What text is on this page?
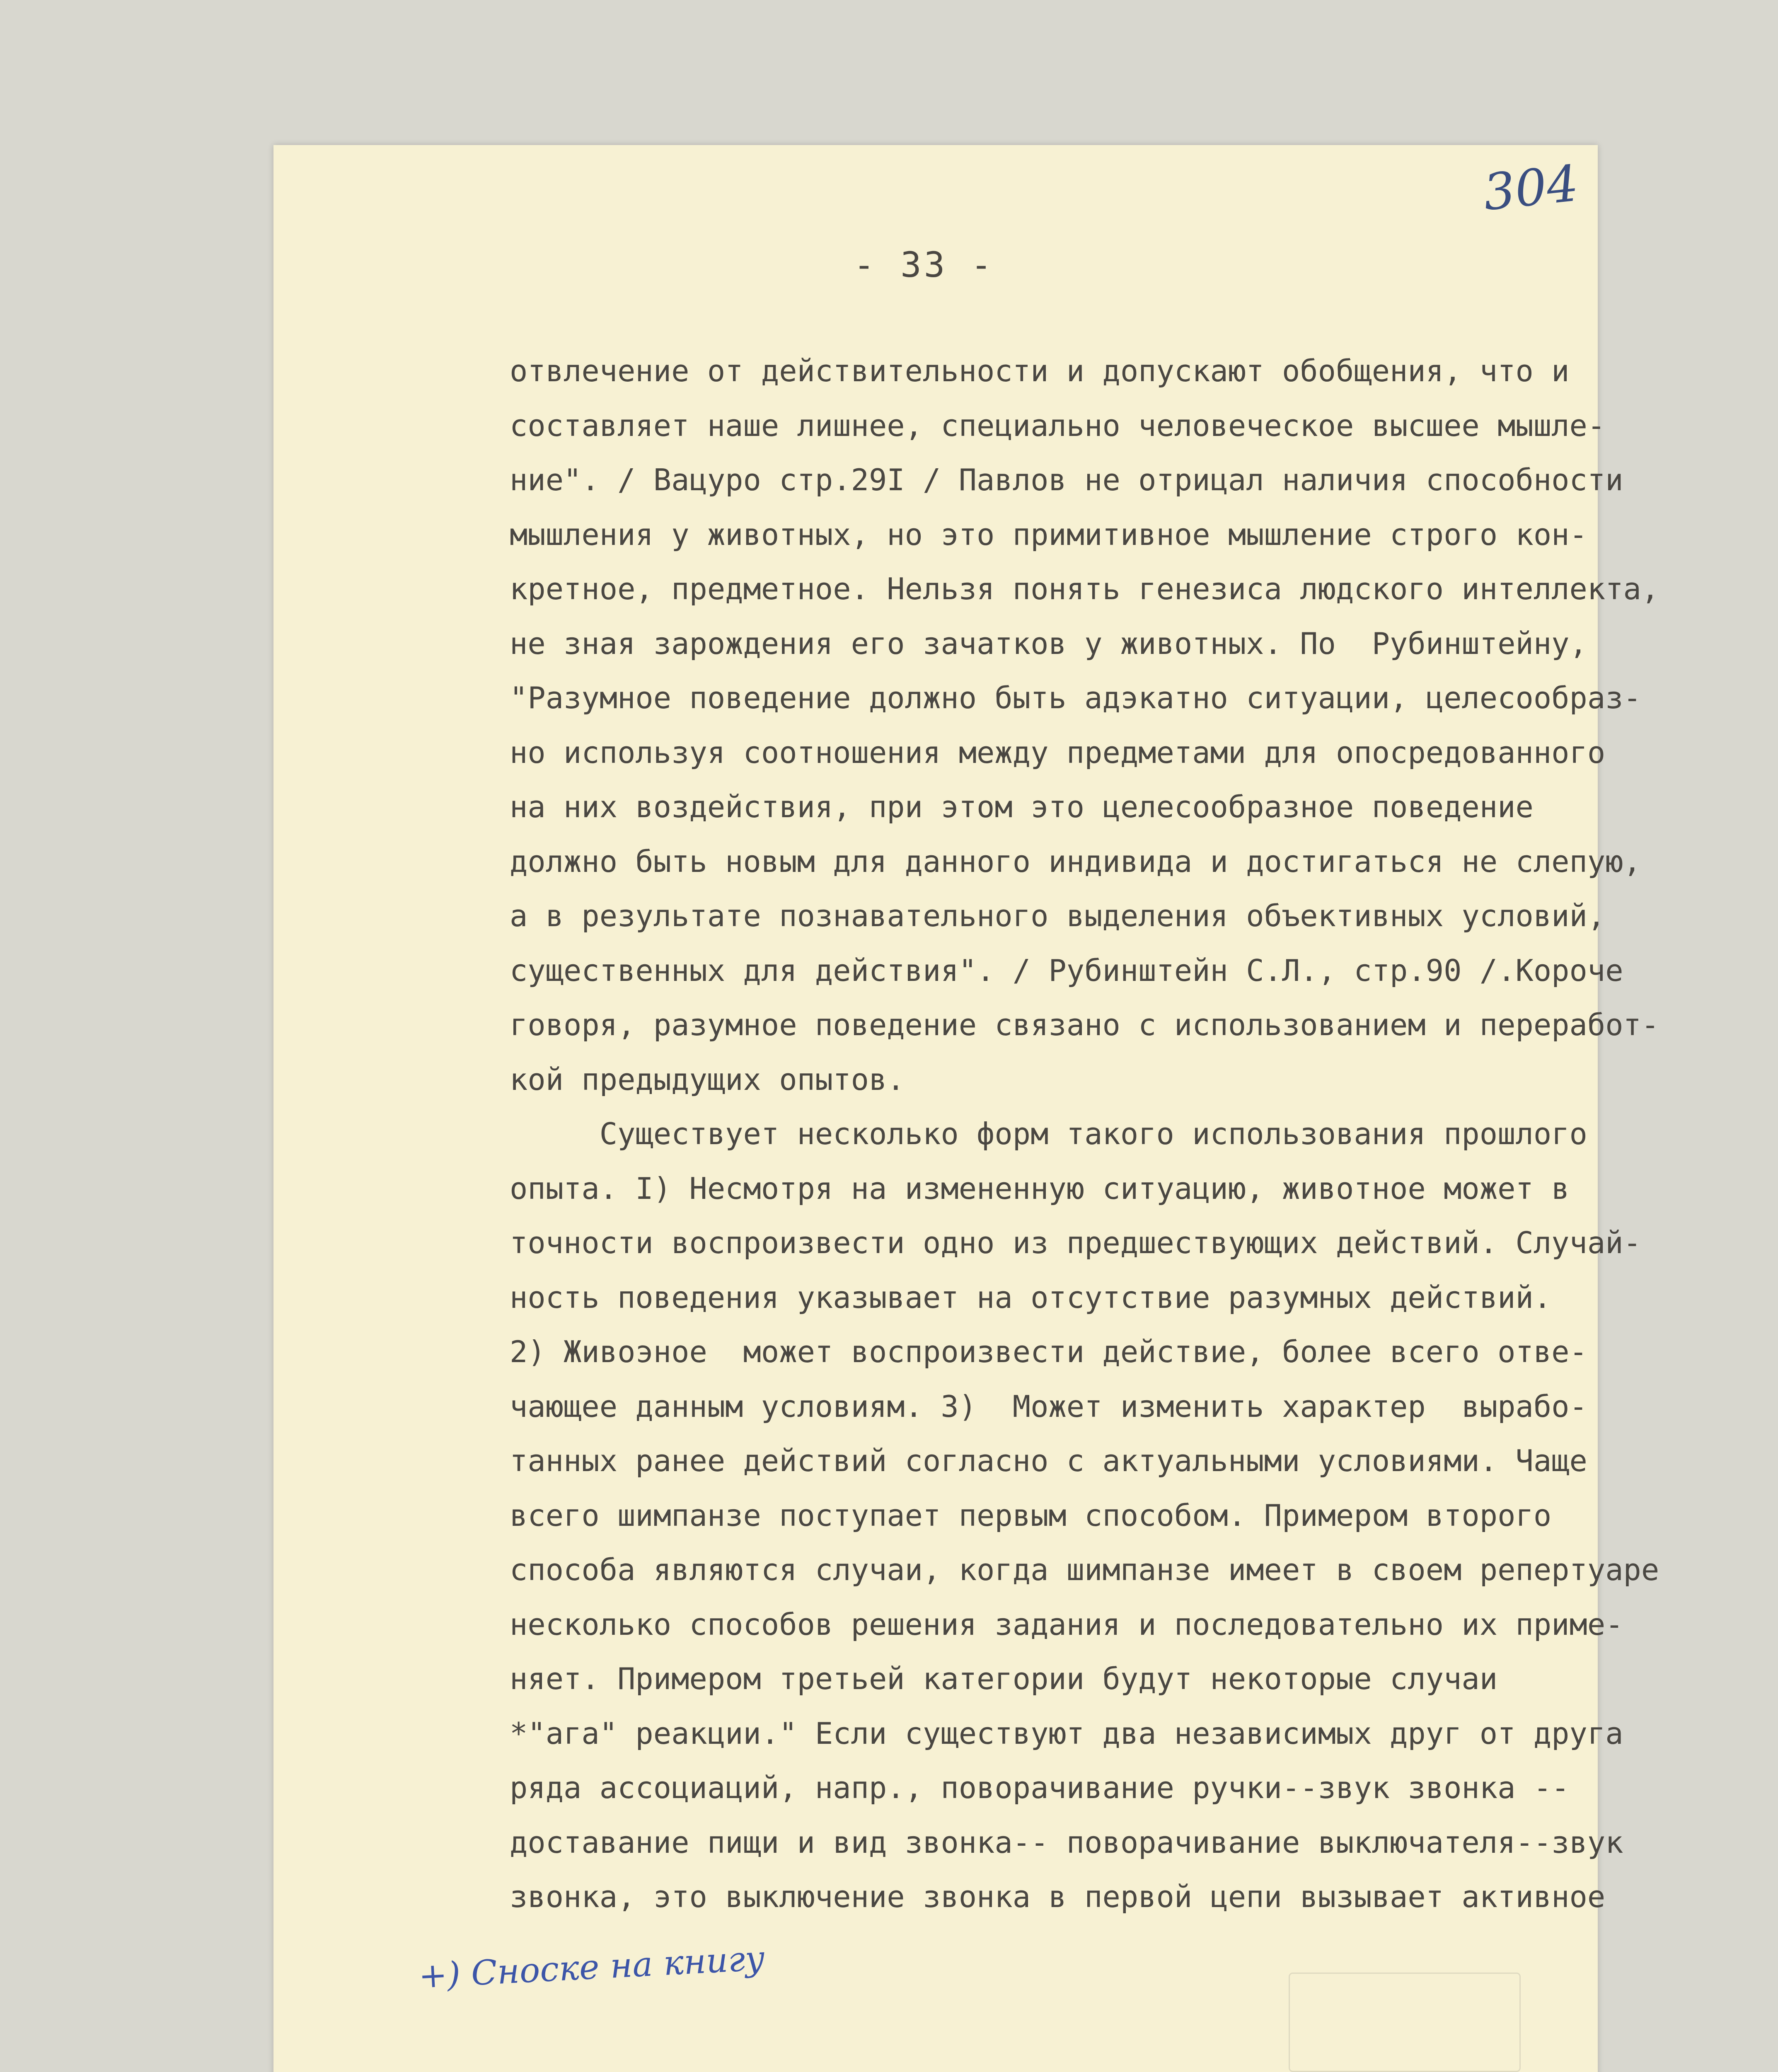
304
- 33 -
отвлечение от действительности и допускают обобщения, что и
составляет наше лишнее, специально человеческое высшее мышле-
ние". / Вацуро стр.29I / Павлов не отрицал наличия способности
мышления у животных, но это примитивное мышление строго кон-
кретное, предметное. Нельзя понять генезиса людского интеллекта,
не зная зарождения его зачатков у животных. По  Рубинштейну,
"Разумное поведение должно быть адэкатно ситуации, целесообраз-
но используя соотношения между предметами для опосредованного
на них воздействия, при этом это целесообразное поведение
должно быть новым для данного индивида и достигаться не слепую,
а в результате познавательного выделения объективных условий,
существенных для действия". / Рубинштейн С.Л., стр.90 /.Короче
говоря, разумное поведение связано с использованием и переработ-
кой предыдущих опытов.
Существует несколько форм такого использования прошлого
опыта. I) Несмотря на измененную ситуацию, животное может в
точности воспроизвести одно из предшествующих действий. Случай-
ность поведения указывает на отсутствие разумных действий.
2) Живоэное  может воспроизвести действие, более всего отве-
чающее данным условиям. 3)  Может изменить характер  вырабо-
танных ранее действий согласно с актуальными условиями. Чаще
всего шимпанзе поступает первым способом. Примером второго
способа являются случаи, когда шимпанзе имеет в своем репертуаре
несколько способов решения задания и последовательно их приме-
няет. Примером третьей категории будут некоторые случаи
*"ага" реакции." Если существуют два независимых друг от друга
ряда ассоциаций, напр., поворачивание ручки--звук звонка --
доставание пищи и вид звонка-- поворачивание выключателя--звук
звонка, это выключение звонка в первой цепи вызывает активное
+) Сноске на книгу
